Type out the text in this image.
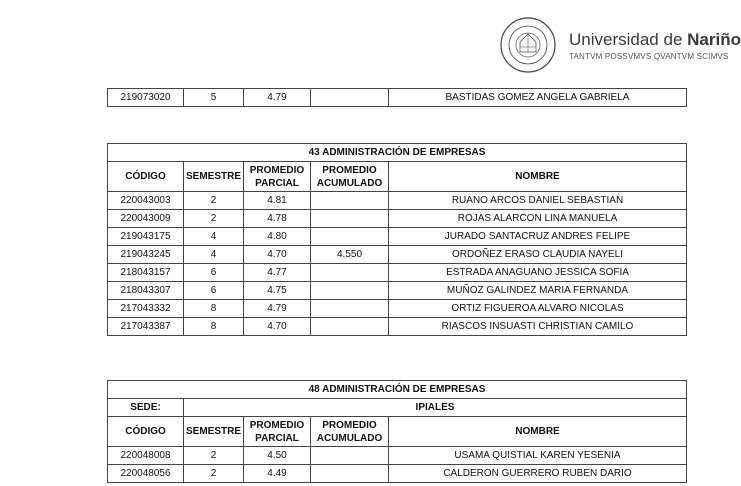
Universidad de Nariño
TANTVM POSSVMVS QVANTVM SCIMVS
219073020	5	4.79		BASTIDAS GOMEZ ANGELA GABRIELA
43 ADMINISTRACIÓN DE EMPRESAS				
CÓDIGO	SEMESTRE	PROMEDIO PARCIAL	PROMEDIO ACUMULADO	NOMBRE
220043003	2	4.81		RUANO ARCOS DANIEL SEBASTIAN
220043009	2	4.78		ROJAS ALARCON LINA MANUELA
219043175	4	4.80		JURADO SANTACRUZ ANDRES FELIPE
219043245	4	4.70	4.550	ORDOÑEZ ERASO CLAUDIA NAYELI
218043157	6	4.77		ESTRADA ANAGUANO JESSICA SOFIA
218043307	6	4.75		MUÑOZ GALINDEZ MARIA FERNANDA
217043332	8	4.79		ORTIZ FIGUEROA ALVARO NICOLAS
217043387	8	4.70		RIASCOS INSUASTI CHRISTIAN CAMILO
48 ADMINISTRACIÓN DE EMPRESAS				
SEDE:	IPIALES			
CÓDIGO	SEMESTRE	PROMEDIO PARCIAL	PROMEDIO ACUMULADO	NOMBRE
220048008	2	4.50		USAMA QUISTIAL KAREN YESENIA
220048056	2	4.49		CALDERON GUERRERO RUBEN DARIO
